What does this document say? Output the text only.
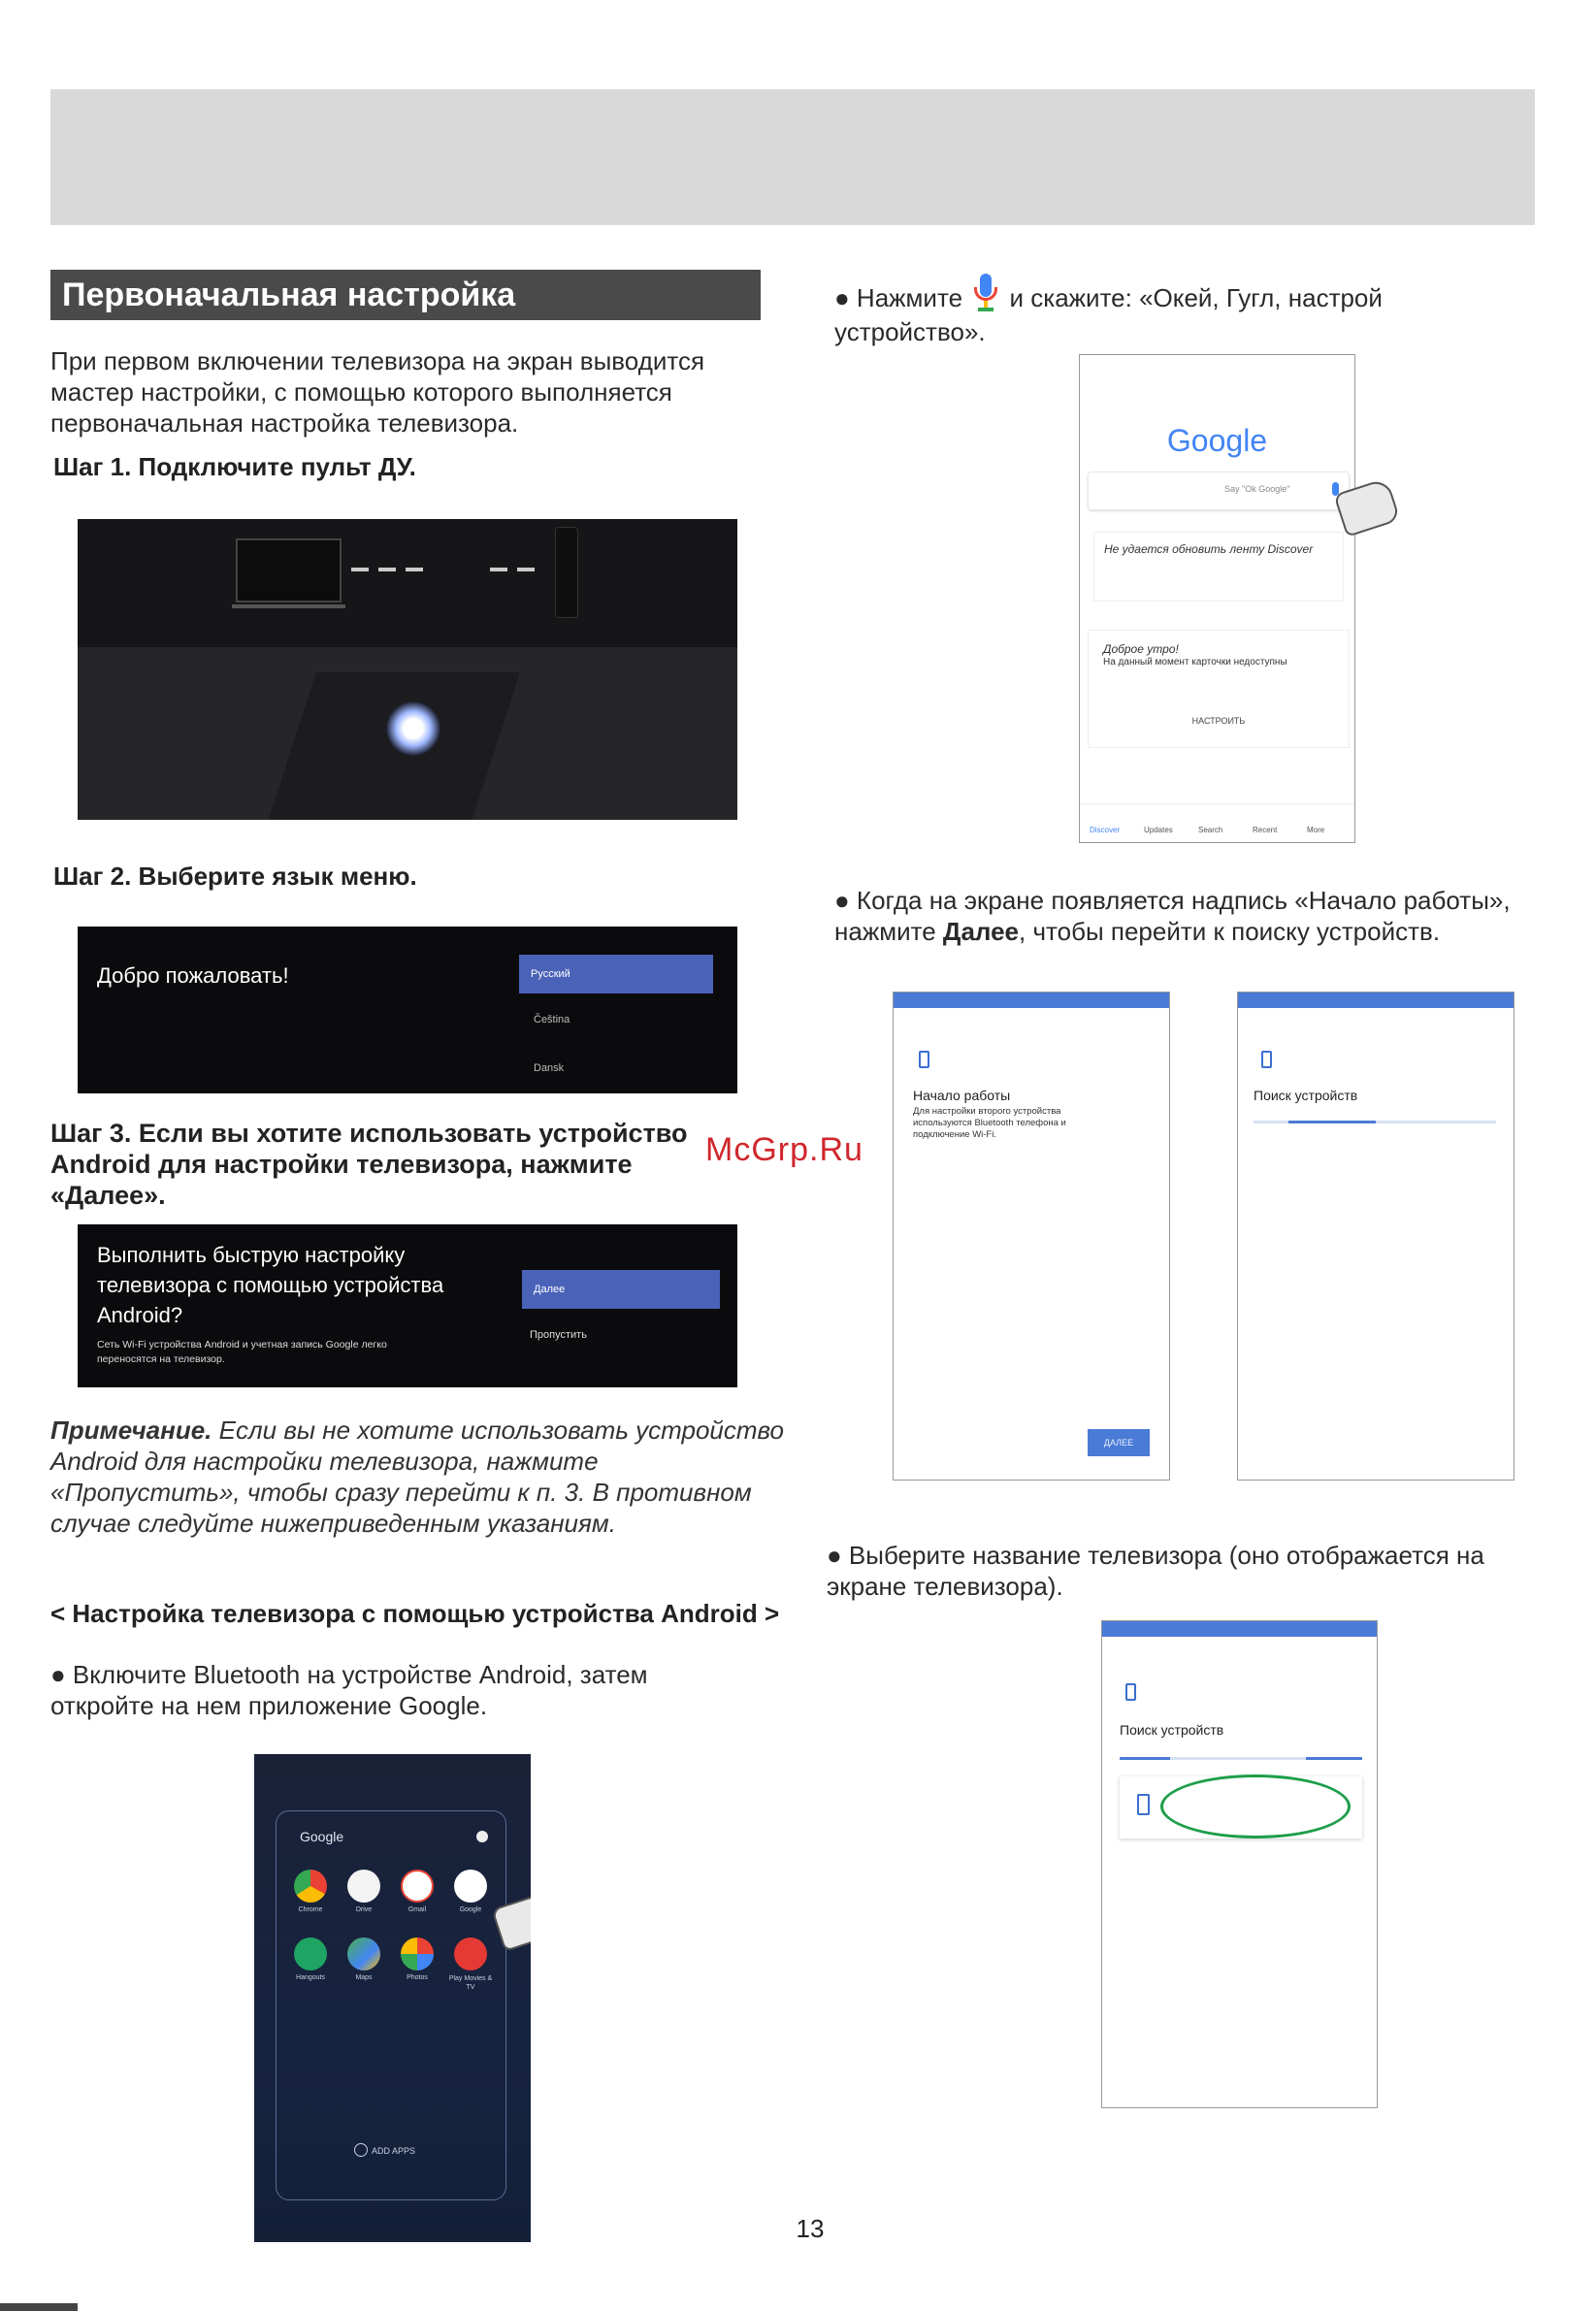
Первоначальная настройка
При первом включении телевизора на экран выводится мастер настройки, с помощью которого выполняется первоначальная настройка телевизора.
Шаг 1. Подключите пульт ДУ.
Шаг 2. Выберите язык меню.
Добро пожаловать!	Русский
Čeština
Dansk
Шаг 3. Если вы хотите использовать устройство Android для настройки телевизора, нажмите «Далее».
Выполнить быструю настройку телевизора с помощью устройства Android?
Сеть Wi-Fi устройства Android и учетная запись Google легко переносятся на телевизор.
Далее
Пропустить
Примечание. Если вы не хотите использовать устройство Android для настройки телевизора, нажмите «Пропустить», чтобы сразу перейти к п. 3. В противном случае следуйте нижеприведенным указаниям.
< Настройка телевизора с помощью устройства Android >
● Включите Bluetooth на устройстве Android, затем откройте на нем приложение Google.
Google
Chrome	Drive	Gmail	Google
Hangouts	Maps	Photos	Play Movies & TV
ADD APPS
● Нажмите и скажите: «Окей, Гугл, настрой устройство».
Google
Say "Ok Google"
Не удается обновить ленту Discover
Доброе утро!
На данный момент карточки недоступны
НАСТРОИТЬ
Discover	Updates	Search	Recent	More
● Когда на экране появляется надпись «Начало работы», нажмите Далее, чтобы перейти к поиску устройств.
Начало работы
Для настройки второго устройства используются Bluetooth телефона и подключение Wi-Fi.
ДАЛЕЕ
Поиск устройств
● Выберите название телевизора (оно отображается на экране телевизора).
Поиск устройств
McGrp.Ru
13
